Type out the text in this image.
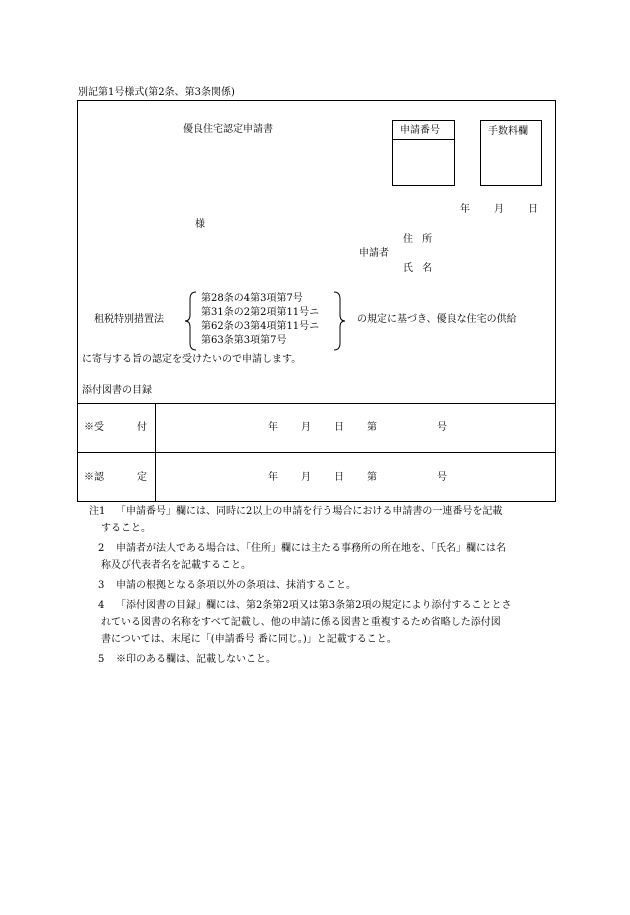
別記第1号様式(第2条、第3条関係)
優良住宅認定申請書	申請番号	手数料欄
年 月 日
様
住 所
申請者
氏 名
租税特別措置法
第28条の4第3項第7号
第31条の2第2項第11号ニ
第62条の3第4項第11号ニ
第63条第3項第7号
の規定に基づき、優良な住宅の供給
に寄与する旨の認定を受けたいので申請します。
添付図書の目録
※受	付	年 月 日 第	号
※認	定	年 月 日 第	号
注1 「申請番号」欄には、同時に2以上の申請を行う場合における申請書の一連番号を記載
すること。
2 申請者が法人である場合は、「住所」欄には主たる事務所の所在地を、「氏名」欄には名
称及び代表者名を記載すること。
3 申請の根拠となる条項以外の条項は、抹消すること。
4 「添付図書の目録」欄には、第2条第2項又は第3条第2項の規定により添付することとさ
れている図書の名称をすべて記載し、他の申請に係る図書と重複するため省略した添付図
書については、末尾に「(申請番号 番に同じ。)」と記載すること。
5 ※印のある欄は、記載しないこと。
